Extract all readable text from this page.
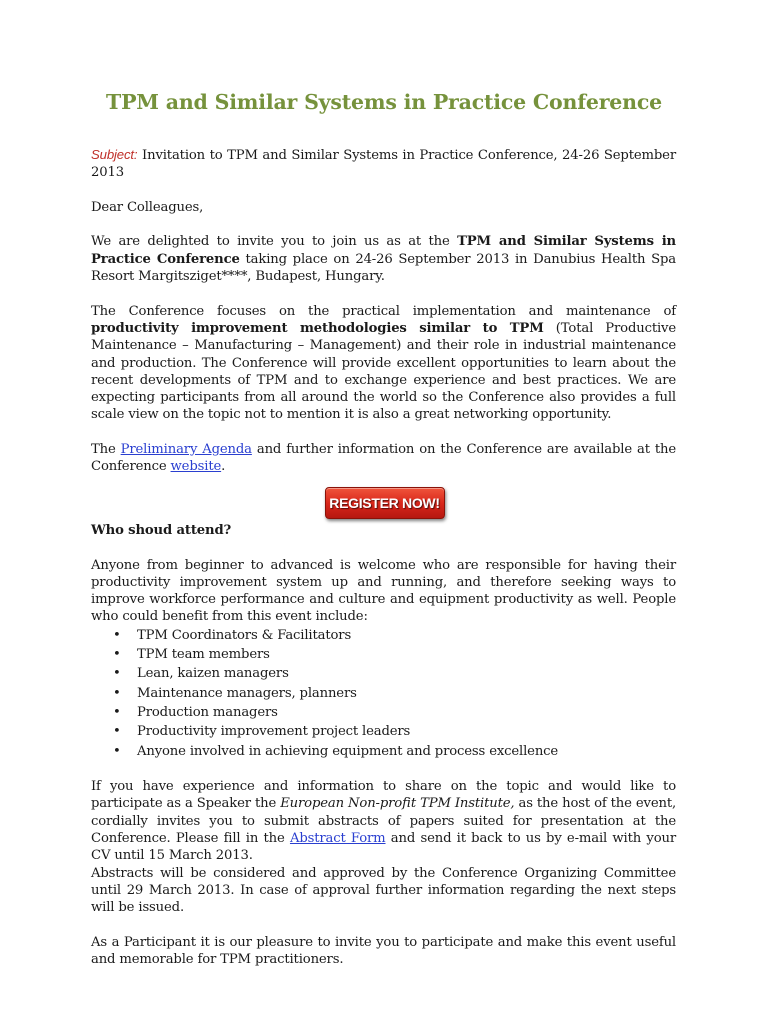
TPM and Similar Systems in Practice Conference

Subject: Invitation to TPM and Similar Systems in Practice Conference, 24-26 September 2013

Dear Colleagues,

We are delighted to invite you to join us as at the TPM and Similar Systems in Practice Conference taking place on 24-26 September 2013 in Danubius Health Spa Resort Margitsziget****, Budapest, Hungary.

The Conference focuses on the practical implementation and maintenance of productivity improvement methodologies similar to TPM (Total Productive Maintenance – Manufacturing – Management) and their role in industrial maintenance and production. The Conference will provide excellent opportunities to learn about the recent developments of TPM and to exchange experience and best practices. We are expecting participants from all around the world so the Conference also provides a full scale view on the topic not to mention it is also a great networking opportunity.

The Preliminary Agenda and further information on the Conference are available at the Conference website.

REGISTER NOW!

Who shoud attend?

Anyone from beginner to advanced is welcome who are responsible for having their productivity improvement system up and running, and therefore seeking ways to improve workforce performance and culture and equipment productivity as well. People who could benefit from this event include:

• TPM Coordinators & Facilitators
• TPM team members
• Lean, kaizen managers
• Maintenance managers, planners
• Production managers
• Productivity improvement project leaders
• Anyone involved in achieving equipment and process excellence

If you have experience and information to share on the topic and would like to participate as a Speaker the European Non-profit TPM Institute, as the host of the event, cordially invites you to submit abstracts of papers suited for presentation at the Conference. Please fill in the Abstract Form and send it back to us by e-mail with your CV until 15 March 2013.

Abstracts will be considered and approved by the Conference Organizing Committee until 29 March 2013. In case of approval further information regarding the next steps will be issued.

As a Participant it is our pleasure to invite you to participate and make this event useful and memorable for TPM practitioners.
